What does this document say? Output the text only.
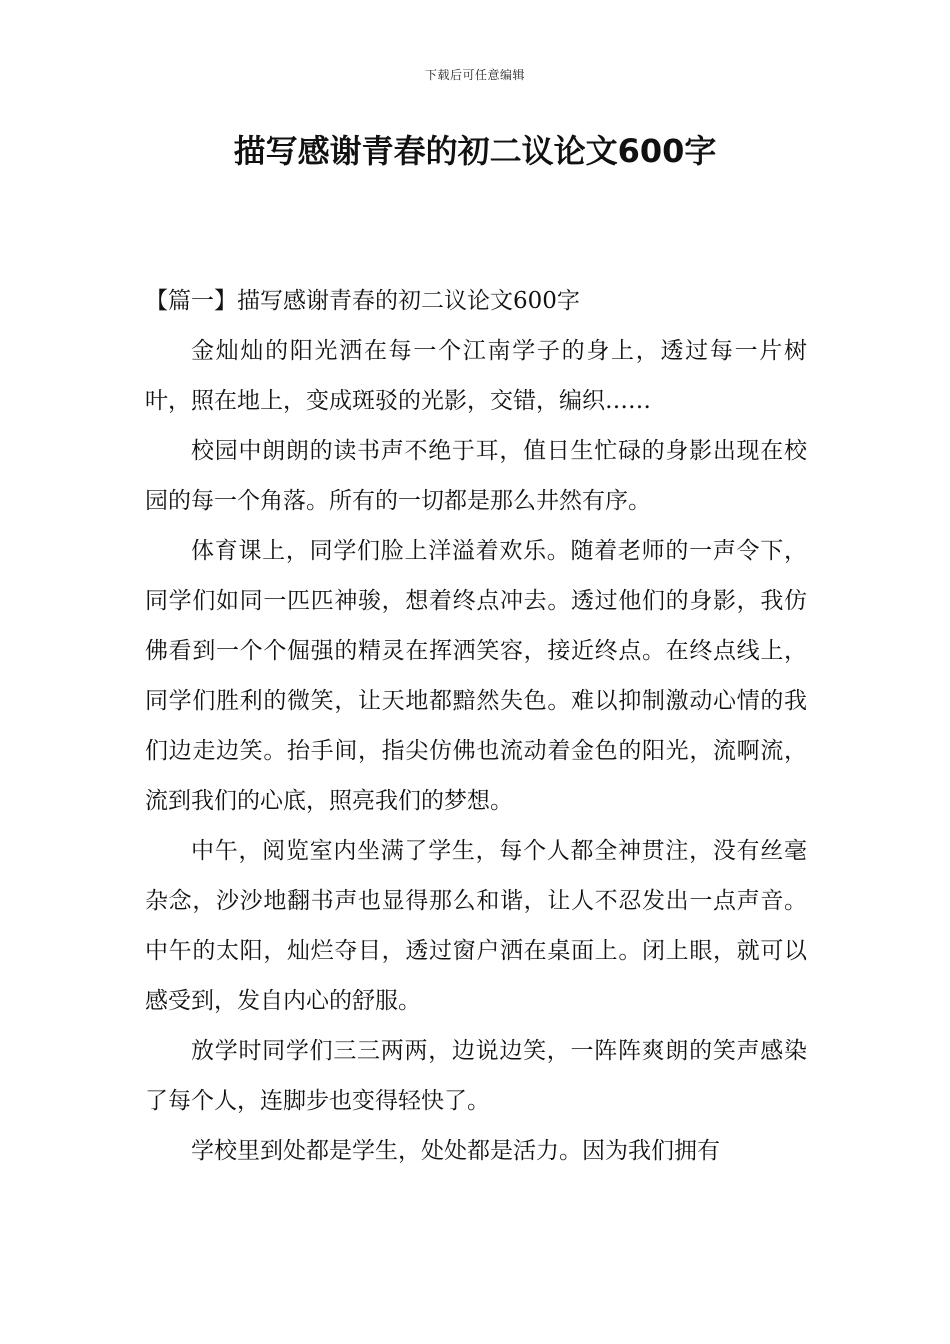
下载后可任意编辑
描写感谢青春的初二议论文600字

【篇一】描写感谢青春的初二议论文600字

金灿灿的阳光洒在每一个江南学子的身上，透过每一片树叶，照在地上，变成斑驳的光影，交错，编织……

校园中朗朗的读书声不绝于耳，值日生忙碌的身影出现在校园的每一个角落。所有的一切都是那么井然有序。

体育课上，同学们脸上洋溢着欢乐。随着老师的一声令下，同学们如同一匹匹神骏，想着终点冲去。透过他们的身影，我仿佛看到一个个倔强的精灵在挥洒笑容，接近终点。在终点线上，同学们胜利的微笑，让天地都黯然失色。难以抑制激动心情的我们边走边笑。抬手间，指尖仿佛也流动着金色的阳光，流啊流，流到我们的心底，照亮我们的梦想。

中午，阅览室内坐满了学生，每个人都全神贯注，没有丝毫杂念，沙沙地翻书声也显得那么和谐，让人不忍发出一点声音。中午的太阳，灿烂夺目，透过窗户洒在桌面上。闭上眼，就可以感受到，发自内心的舒服。

放学时同学们三三两两，边说边笑，一阵阵爽朗的笑声感染了每个人，连脚步也变得轻快了。

学校里到处都是学生，处处都是活力。因为我们拥有
